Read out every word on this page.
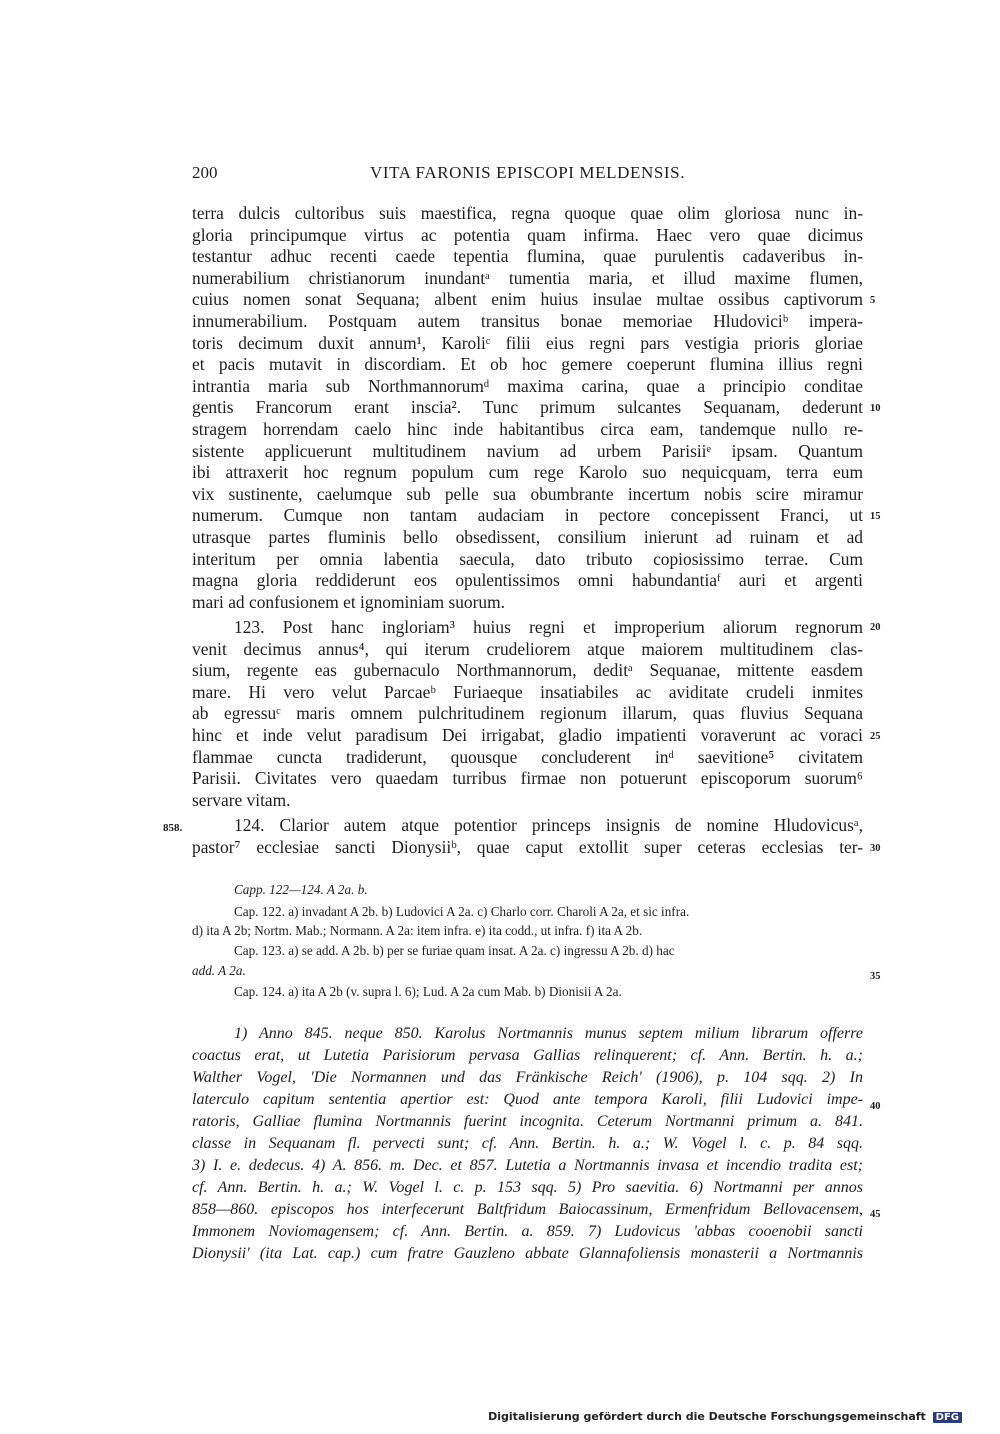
200	VITA FARONIS EPISCOPI MELDENSIS.
terra dulcis cultoribus suis maestifica, regna quoque quae olim gloriosa nunc in-
gloria principumque virtus ac potentia quam infirma. Haec vero quae dicimus
testantur adhuc recenti caede tepentia flumina, quae purulentis cadaveribus in-
numerabilium christianorum inundantᵃ tumentia maria, et illud maxime flumen,
cuius nomen sonat Sequana; albent enim huius insulae multae ossibus captivorum
innumerabilium. Postquam autem transitus bonae memoriae Hludoviciᵇ impera-
toris decimum duxit annum¹, Karoliᶜ filii eius regni pars vestigia prioris gloriae
et pacis mutavit in discordiam. Et ob hoc gemere coeperunt flumina illius regni
intrantia maria sub Northmannorumᵈ maxima carina, quae a principio conditae
gentis Francorum erant inscia². Tunc primum sulcantes Sequanam, dederunt
stragem horrendam caelo hinc inde habitantibus circa eam, tandemque nullo re-
sistente applicuerunt multitudinem navium ad urbem Parisiiᵉ ipsam. Quantum
ibi attraxerit hoc regnum populum cum rege Karolo suo nequicquam, terra eum
vix sustinente, caelumque sub pelle sua obumbrante incertum nobis scire miramur
numerum. Cumque non tantam audaciam in pectore concepissent Franci, ut
utrasque partes fluminis bello obsedissent, consilium inierunt ad ruinam et ad
interitum per omnia labentia saecula, dato tributo copiosissimo terrae. Cum
magna gloria reddiderunt eos opulentissimos omni habundantiaᶠ auri et argenti
mari ad confusionem et ignominiam suorum.
123. Post hanc ingloriam³ huius regni et improperium aliorum regnorum
venit decimus annus⁴, qui iterum crudeliorem atque maiorem multitudinem clas-
sium, regente eas gubernaculo Northmannorum, deditᵃ Sequanae, mittente easdem
mare. Hi vero velut Parcaeᵇ Furiaeque insatiabiles ac aviditate crudeli inmites
ab egressuᶜ maris omnem pulchritudinem regionum illarum, quas fluvius Sequana
hinc et inde velut paradisum Dei irrigabat, gladio impatienti voraverunt ac voraci
flammae cuncta tradiderunt, quousque concluderent inᵈ saevitione⁵ civitatem
Parisii. Civitates vero quaedam turribus firmae non potuerunt episcoporum suorum⁶
servare vitam.
124. Clarior autem atque potentior princeps insignis de nomine Hludovicusᵃ,
pastor⁷ ecclesiae sancti Dionysiiᵇ, quae caput extollit super ceteras ecclesias ter-
858.
5
10
15
20
25
30
35
40
45
Capp. 122—124. A 2a. b.
Cap. 122. a) invadant A 2b. b) Ludovici A 2a. c) Charlo corr. Charoli A 2a, et sic infra.
d) ita A 2b; Nortm. Mab.; Normann. A 2a: item infra. e) ita codd., ut infra. f) ita A 2b.
Cap. 123. a) se add. A 2b. b) per se furiae quam insat. A 2a. c) ingressu A 2b. d) hac
add. A 2a.
Cap. 124. a) ita A 2b (v. supra l. 6); Lud. A 2a cum Mab. b) Dionisii A 2a.
1) Anno 845. neque 850. Karolus Nortmannis munus septem milium librarum offerre
coactus erat, ut Lutetia Parisiorum pervasa Gallias relinquerent; cf. Ann. Bertin. h. a.;
Walther Vogel, 'Die Normannen und das Fränkische Reich' (1906), p. 104 sqq. 2) In
laterculo capitum sententia apertior est: Quod ante tempora Karoli, filii Ludovici impe-
ratoris, Galliae flumina Nortmannis fuerint incognita. Ceterum Nortmanni primum a. 841.
classe in Sequanam fl. pervecti sunt; cf. Ann. Bertin. h. a.; W. Vogel l. c. p. 84 sqq.
3) I. e. dedecus. 4) A. 856. m. Dec. et 857. Lutetia a Nortmannis invasa et incendio tradita est;
cf. Ann. Bertin. h. a.; W. Vogel l. c. p. 153 sqq. 5) Pro saevitia. 6) Nortmanni per annos
858—860. episcopos hos interfecerunt Baltfridum Baiocassinum, Ermenfridum Bellovacensem,
Immonem Noviomagensem; cf. Ann. Bertin. a. 859. 7) Ludovicus 'abbas cooenobii sancti
Dionysii' (ita Lat. cap.) cum fratre Gauzleno abbate Glannafoliensis monasterii a Nortmannis
Digitalisierung gefördert durch die Deutsche Forschungsgemeinschaft DFG
